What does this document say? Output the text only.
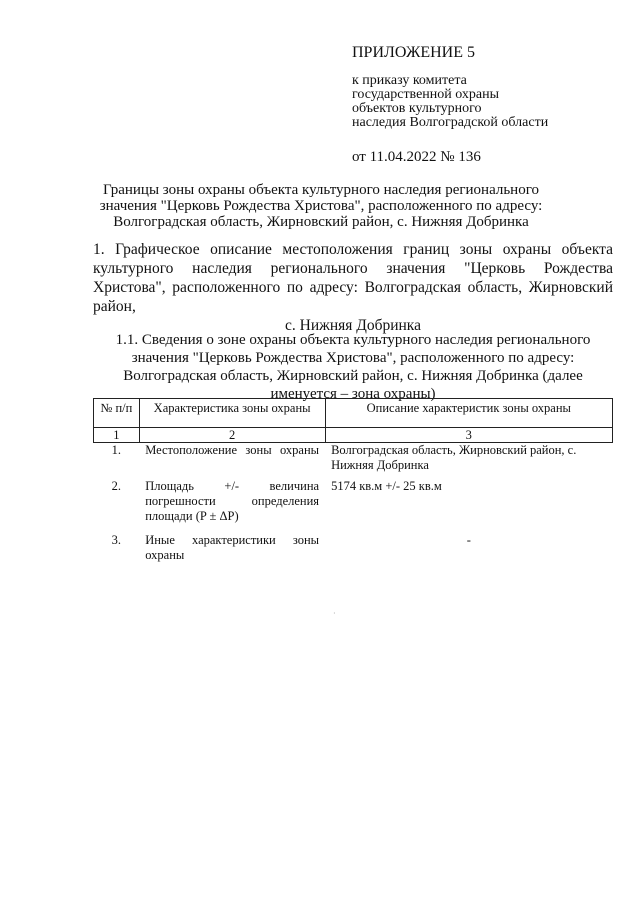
ПРИЛОЖЕНИЕ 5
к приказу комитета
государственной охраны
объектов культурного
наследия Волгоградской области
от 11.04.2022 № 136
Границы зоны охраны объекта культурного наследия регионального значения "Церковь Рождества Христова", расположенного по адресу: Волгоградская область, Жирновский район, с. Нижняя Добринка
1. Графическое описание местоположения границ зоны охраны объекта культурного наследия регионального значения "Церковь Рождества Христова", расположенного по адресу: Волгоградская область, Жирновский район,
с. Нижняя Добринка
1.1. Сведения о зоне охраны объекта культурного наследия регионального значения "Церковь Рождества Христова", расположенного по адресу: Волгоградская область, Жирновский район, с. Нижняя Добринка (далее именуется – зона охраны)
№ п/п	Характеристика зоны охраны	Описание характеристик зоны охраны
1	2	3
1.	Местоположение зоны охраны	Волгоградская область, Жирновский район, с. Нижняя Добринка
2.	Площадь +/- величина погрешности определения площади (P ± ΔP)	5174 кв.м +/- 25 кв.м
3.	Иные характеристики зоны охраны	-
·
